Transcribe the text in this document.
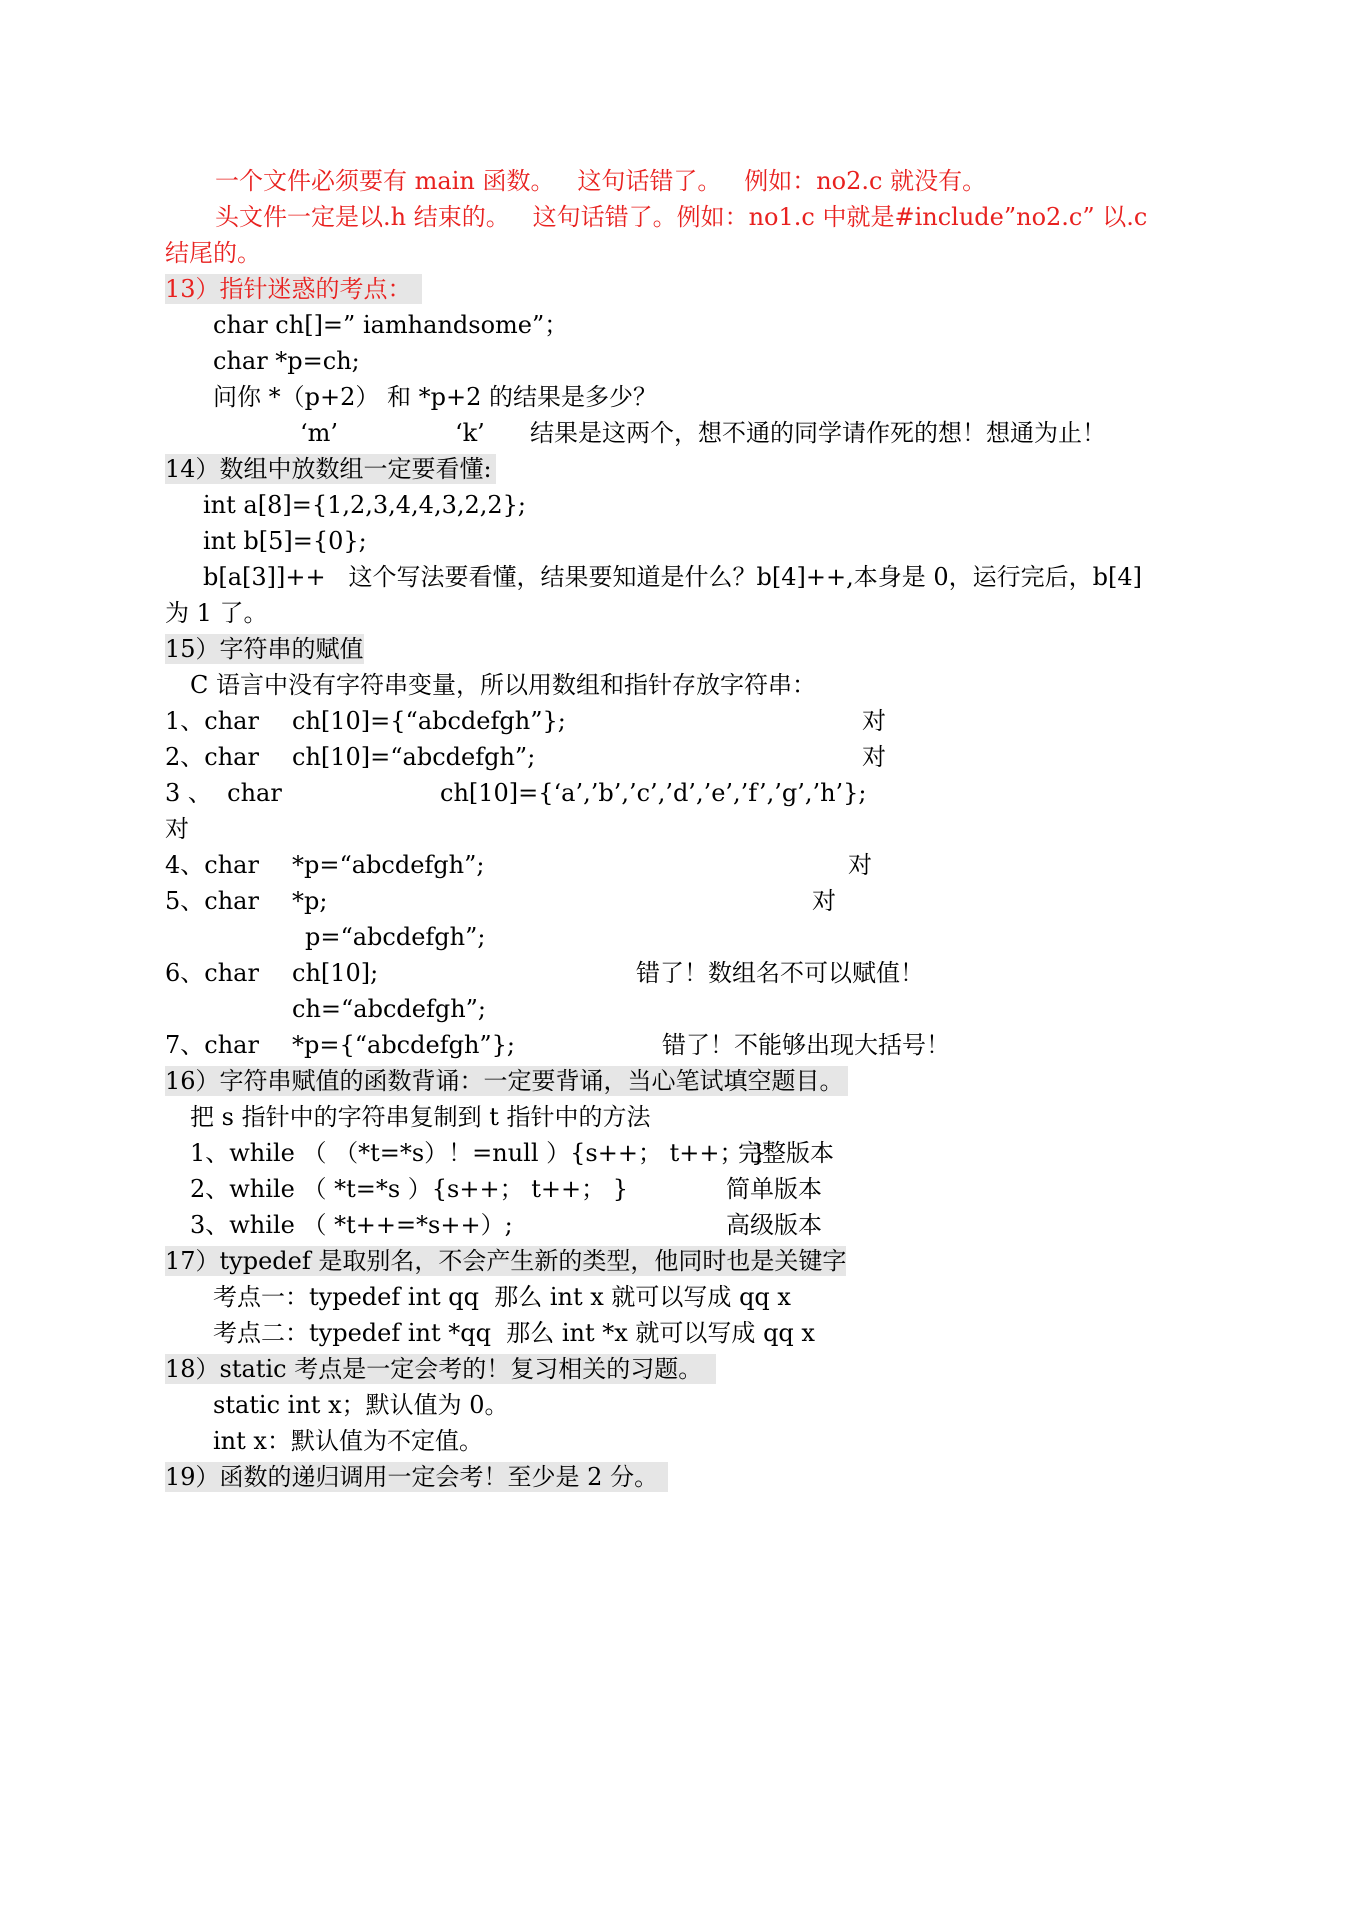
一个文件必须要有 main 函数。   这句话错了。   例如：no2.c 就没有。
头文件一定是以.h 结束的。   这句话错了。例如：no1.c 中就是#include”no2.c” 以.c
结尾的。
13）指针迷惑的考点：
char ch[]=” iamhandsome”；
char *p=ch;
问你 *（p+2） 和 *p+2 的结果是多少？
‘m’	‘k’ 结果是这两个，想不通的同学请作死的想！想通为止！
14）数组中放数组一定要看懂:
int a[8]={1,2,3,4,4,3,2,2};
int b[5]={0};
b[a[3]]++   这个写法要看懂，结果要知道是什么？b[4]++,本身是 0，运行完后，b[4]
为 1 了。
15）字符串的赋值
C 语言中没有字符串变量，所以用数组和指针存放字符串：
1、char ch[10]={“abcdefgh”};	对
2、char ch[10]=“abcdefgh”;	对
3 、  char	ch[10]={‘a’,’b’,’c’,’d’,’e’,’f’,’g’,’h’};
对
4、char *p=“abcdefgh”;	对
5、char *p;	对
p=“abcdefgh”;
6、char ch[10];	错了！数组名不可以赋值！
ch=“abcdefgh”;
7、char *p={“abcdefgh”};	错了！不能够出现大括号！
16）字符串赋值的函数背诵：一定要背诵，当心笔试填空题目。
把 s 指针中的字符串复制到 t 指针中的方法
1、while （ （*t=*s）！=null ）{s++； t++； }
完整版本
2、while （ *t=*s ）{s++； t++； }	简单版本
3、while （ *t++=*s++）;	高级版本
17）typedef 是取别名，不会产生新的类型，他同时也是关键字
考点一：typedef int qq  那么 int x 就可以写成 qq x
考点二：typedef int *qq  那么 int *x 就可以写成 qq x
18）static 考点是一定会考的！复习相关的习题。
static int x；默认值为 0。
int x：默认值为不定值。
19）函数的递归调用一定会考！至少是 2 分。
